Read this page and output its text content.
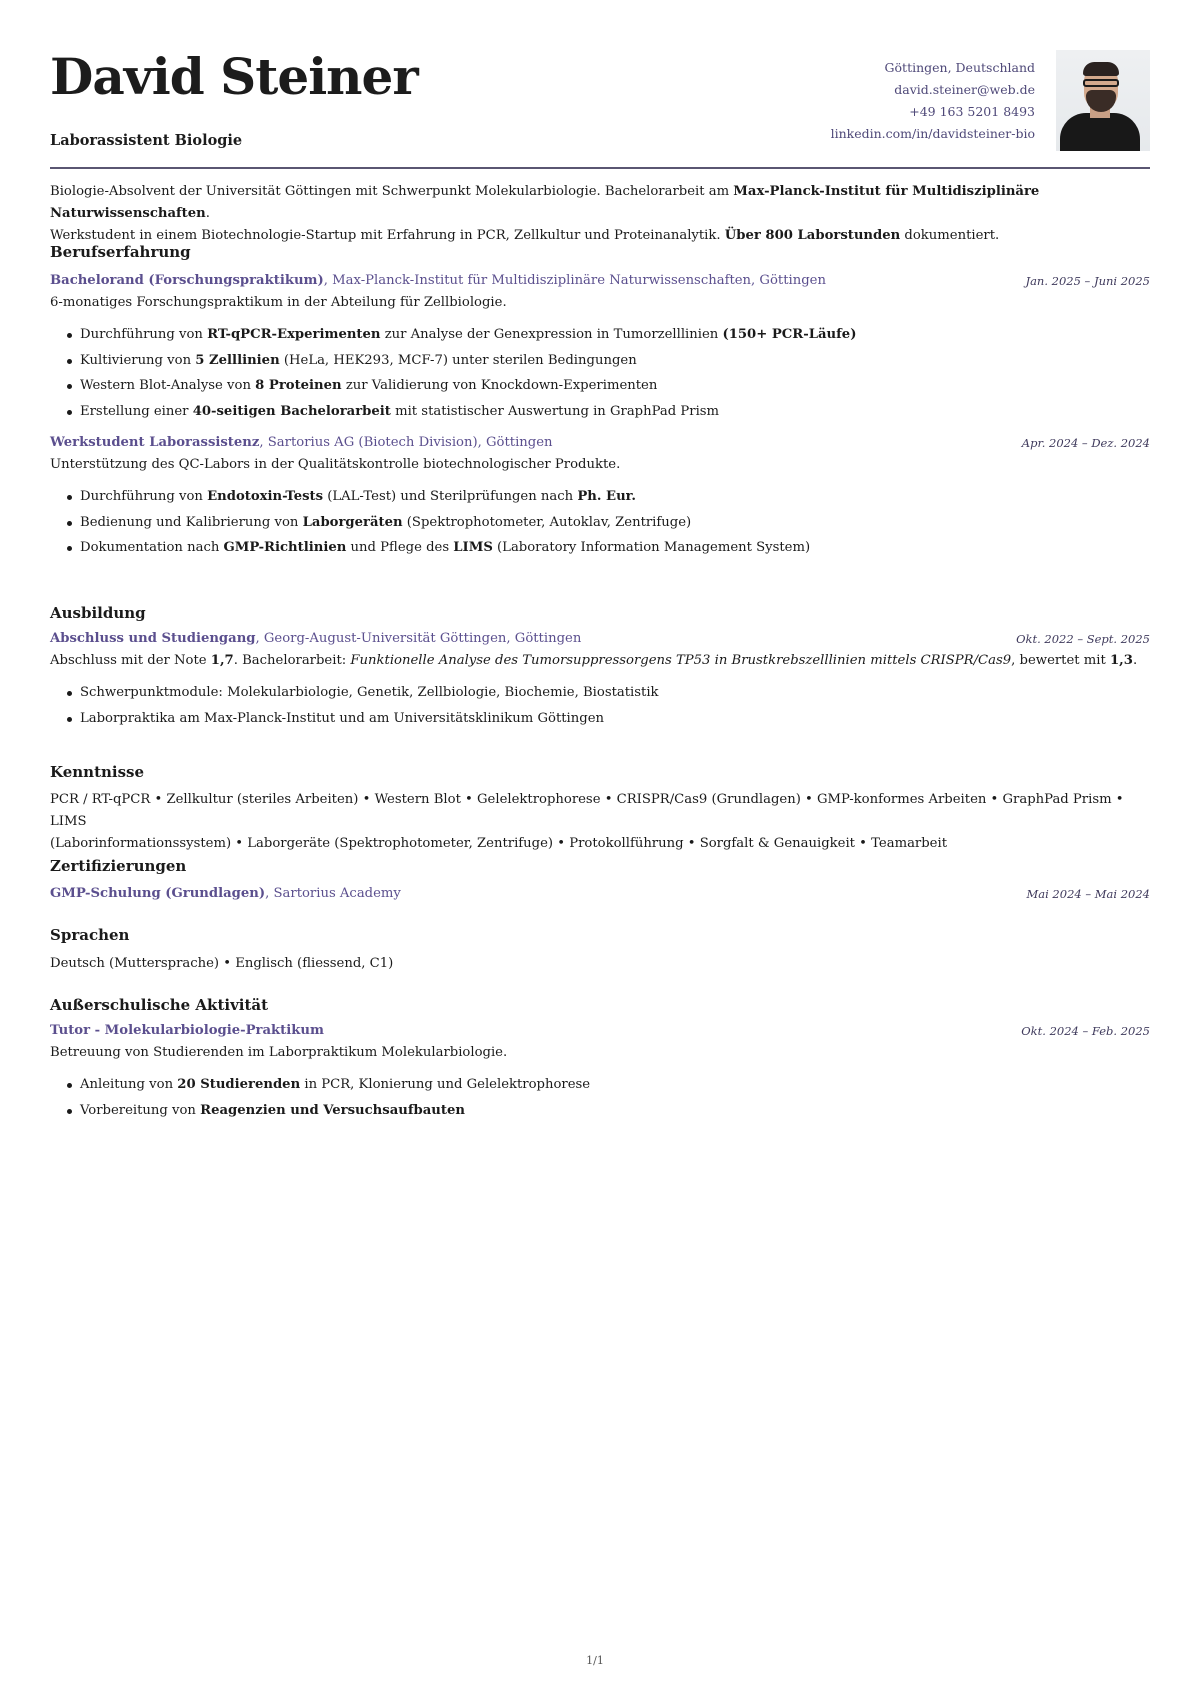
David Steiner
Laborassistent Biologie
Göttingen, Deutschland
david.steiner@web.de
+49 163 5201 8493
linkedin.com/in/davidsteiner-bio
Biologie-Absolvent der Universität Göttingen mit Schwerpunkt Molekularbiologie. Bachelorarbeit am Max-Planck-Institut für Multidisziplinäre Naturwissenschaften.
Werkstudent in einem Biotechnologie-Startup mit Erfahrung in PCR, Zellkultur und Proteinanalytik. Über 800 Laborstunden dokumentiert.
Berufserfahrung
Bachelorand (Forschungspraktikum), Max-Planck-Institut für Multidisziplinäre Naturwissenschaften, Göttingen	Jan. 2025 – Juni 2025

6-monatiges Forschungspraktikum in der Abteilung für Zellbiologie.

Durchführung von RT-qPCR-Experimenten zur Analyse der Genexpression in Tumorzelllinien (150+ PCR-Läufe)
Kultivierung von 5 Zelllinien (HeLa, HEK293, MCF-7) unter sterilen Bedingungen
Western Blot-Analyse von 8 Proteinen zur Validierung von Knockdown-Experimenten
Erstellung einer 40-seitigen Bachelorarbeit mit statistischer Auswertung in GraphPad Prism
Werkstudent Laborassistenz, Sartorius AG (Biotech Division), Göttingen	Apr. 2024 – Dez. 2024

Unterstützung des QC-Labors in der Qualitätskontrolle biotechnologischer Produkte.

Durchführung von Endotoxin-Tests (LAL-Test) und Sterilprüfungen nach Ph. Eur.
Bedienung und Kalibrierung von Laborgeräten (Spektrophotometer, Autoklav, Zentrifuge)
Dokumentation nach GMP-Richtlinien und Pflege des LIMS (Laboratory Information Management System)
Ausbildung
Abschluss und Studiengang, Georg-August-Universität Göttingen, Göttingen	Okt. 2022 – Sept. 2025

Abschluss mit der Note 1,7. Bachelorarbeit: Funktionelle Analyse des Tumorsuppressorgens TP53 in Brustkrebszelllinien mittels CRISPR/Cas9, bewertet mit 1,3.

Schwerpunktmodule: Molekularbiologie, Genetik, Zellbiologie, Biochemie, Biostatistik
Laborpraktika am Max-Planck-Institut und am Universitätsklinikum Göttingen
Kenntnisse
PCR / RT-qPCR • Zellkultur (steriles Arbeiten) • Western Blot • Gelelektrophorese • CRISPR/Cas9 (Grundlagen) • GMP-konformes Arbeiten • GraphPad Prism • LIMS
(Laborinformationssystem) • Laborgeräte (Spektrophotometer, Zentrifuge) • Protokollführung • Sorgfalt & Genauigkeit • Teamarbeit
Zertifizierungen
GMP-Schulung (Grundlagen), Sartorius Academy	Mai 2024 – Mai 2024
Sprachen
Deutsch (Muttersprache) • Englisch (fliessend, C1)
Außerschulische Aktivität
Tutor - Molekularbiologie-Praktikum	Okt. 2024 – Feb. 2025

Betreuung von Studierenden im Laborpraktikum Molekularbiologie.

Anleitung von 20 Studierenden in PCR, Klonierung und Gelelektrophorese
Vorbereitung von Reagenzien und Versuchsaufbauten
1/1
